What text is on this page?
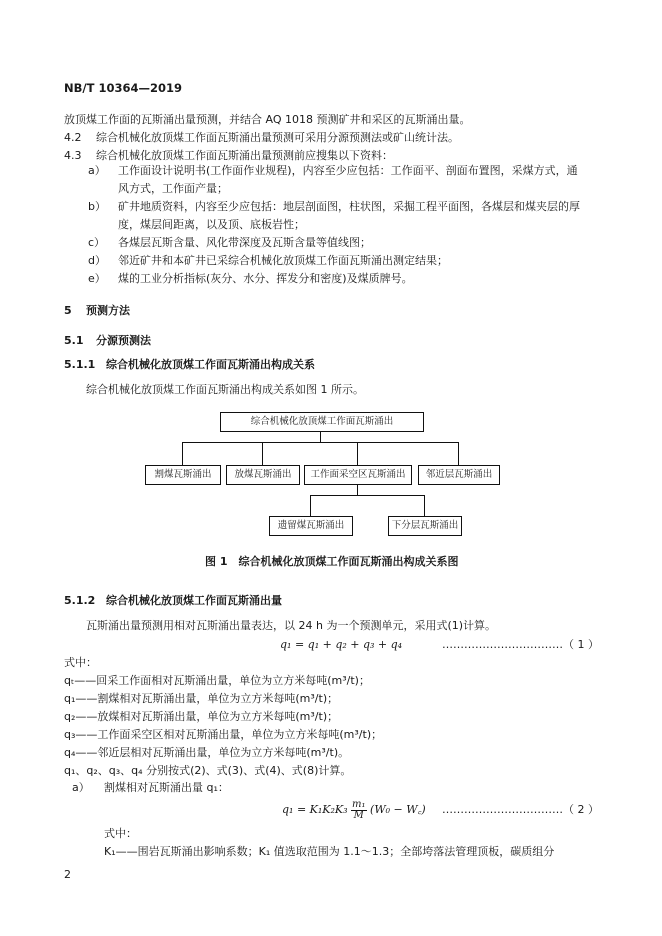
NB/T 10364—2019
放顶煤工作面的瓦斯涌出量预测，并结合 AQ 1018 预测矿井和采区的瓦斯涌出量。
4.2 综合机械化放顶煤工作面瓦斯涌出量预测可采用分源预测法或矿山统计法。
4.3 综合机械化放顶煤工作面瓦斯涌出量预测前应搜集以下资料：
a） 工作面设计说明书(工作面作业规程)，内容至少应包括：工作面平、剖面布置图，采煤方式，通
风方式，工作面产量；
b） 矿井地质资料，内容至少应包括：地层剖面图，柱状图，采掘工程平面图，各煤层和煤夹层的厚
度，煤层间距离，以及顶、底板岩性；
c） 各煤层瓦斯含量、风化带深度及瓦斯含量等值线图；
d） 邻近矿井和本矿井已采综合机械化放顶煤工作面瓦斯涌出测定结果；
e） 煤的工业分析指标(灰分、水分、挥发分和密度)及煤质牌号。
5 预测方法
5.1 分源预测法
5.1.1 综合机械化放顶煤工作面瓦斯涌出构成关系
综合机械化放顶煤工作面瓦斯涌出构成关系如图 1 所示。
综合机械化放顶煤工作面瓦斯涌出
割煤瓦斯涌出	放煤瓦斯涌出	工作面采空区瓦斯涌出	邻近层瓦斯涌出
遗留煤瓦斯涌出	下分层瓦斯涌出
图 1　综合机械化放顶煤工作面瓦斯涌出构成关系图
5.1.2 综合机械化放顶煤工作面瓦斯涌出量
瓦斯涌出量预测用相对瓦斯涌出量表达，以 24 h 为一个预测单元，采用式(1)计算。
q₁ = q₁ + q₂ + q₃ + q₄	……………………………（ 1 ）
式中：
qₜ——回采工作面相对瓦斯涌出量，单位为立方米每吨(m³/t)；
q₁——割煤相对瓦斯涌出量，单位为立方米每吨(m³/t)；
q₂——放煤相对瓦斯涌出量，单位为立方米每吨(m³/t)；
q₃——工作面采空区相对瓦斯涌出量，单位为立方米每吨(m³/t)；
q₄——邻近层相对瓦斯涌出量，单位为立方米每吨(m³/t)。
q₁、q₂、q₃、q₄ 分别按式(2)、式(3)、式(4)、式(8)计算。
a） 割煤相对瓦斯涌出量 q₁：
$q_1 = K_1K_2K_3 \frac{\text{m₁}}{M} (W_0$ − W꜀) ……………………………（ 2 ）
式中：
K₁——围岩瓦斯涌出影响系数；K₁ 值选取范围为 1.1～1.3；全部垮落法管理顶板，碳质组分
2
